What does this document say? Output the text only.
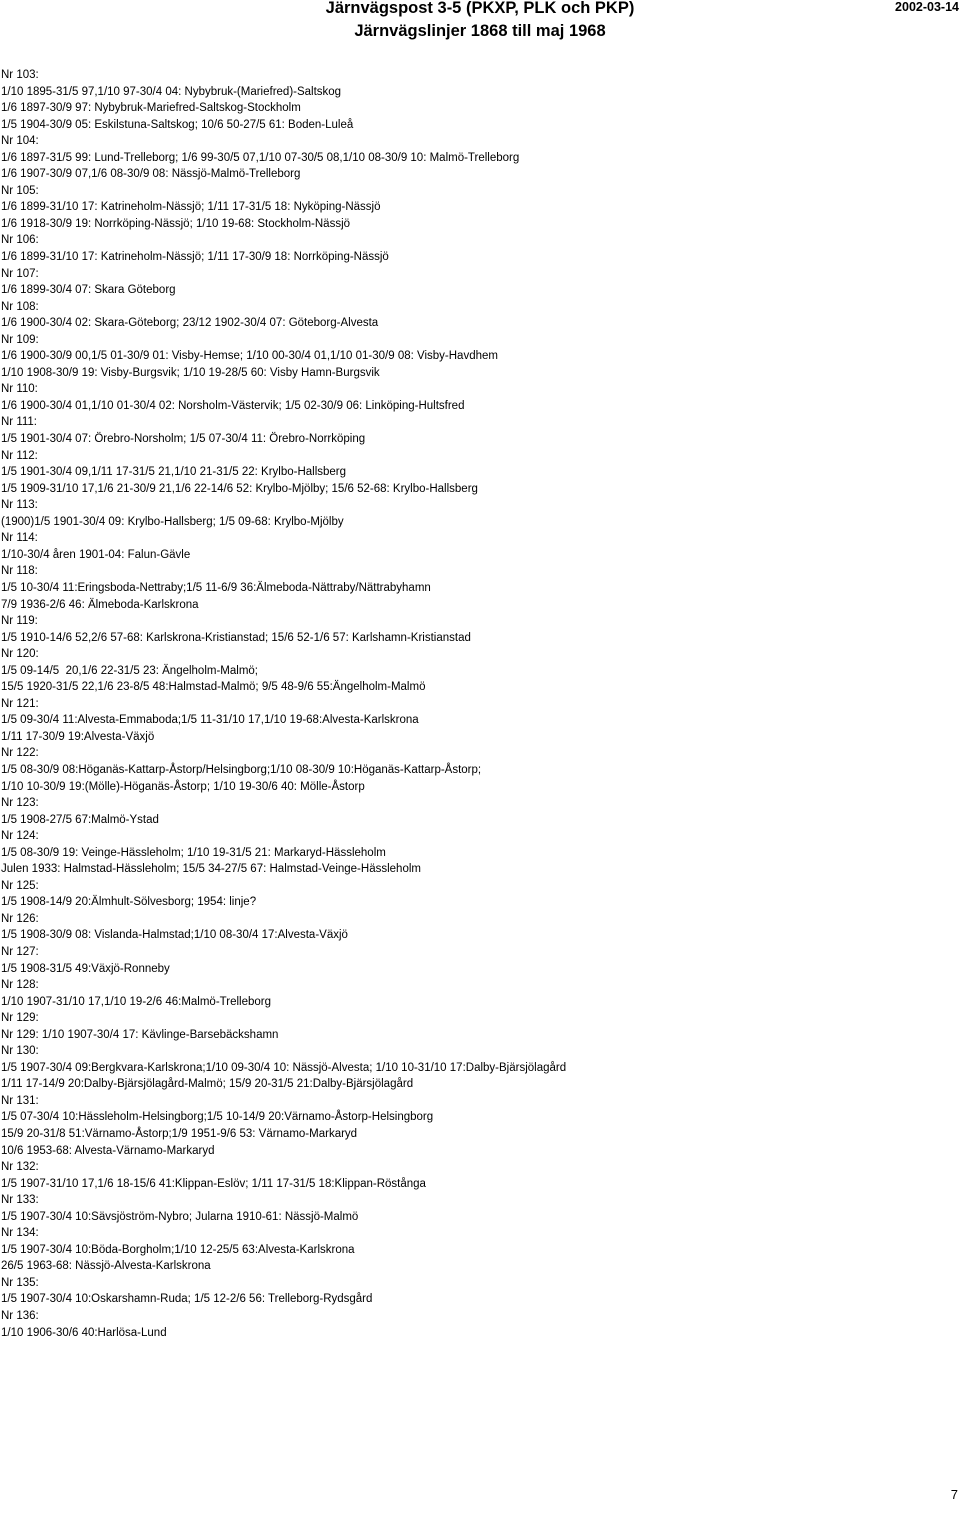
Järnvägspost 3-5 (PKXP, PLK och PKP)
Järnvägslinjer 1868 till maj 1968
2002-03-14
Nr 103:
1/10 1895-31/5 97,1/10 97-30/4 04: Nybybruk-(Mariefred)-Saltskog
1/6 1897-30/9 97: Nybybruk-Mariefred-Saltskog-Stockholm
1/5 1904-30/9 05: Eskilstuna-Saltskog; 10/6 50-27/5 61: Boden-Luleå
Nr 104:
1/6 1897-31/5 99: Lund-Trelleborg; 1/6 99-30/5 07,1/10 07-30/5 08,1/10 08-30/9 10: Malmö-Trelleborg
1/6 1907-30/9 07,1/6 08-30/9 08: Nässjö-Malmö-Trelleborg
Nr 105:
1/6 1899-31/10 17: Katrineholm-Nässjö; 1/11 17-31/5 18: Nyköping-Nässjö
1/6 1918-30/9 19: Norrköping-Nässjö; 1/10 19-68: Stockholm-Nässjö
Nr 106:
1/6 1899-31/10 17: Katrineholm-Nässjö; 1/11 17-30/9 18: Norrköping-Nässjö
Nr 107:
1/6 1899-30/4 07: Skara Göteborg
Nr 108:
1/6 1900-30/4 02: Skara-Göteborg; 23/12 1902-30/4 07: Göteborg-Alvesta
Nr 109:
1/6 1900-30/9 00,1/5 01-30/9 01: Visby-Hemse; 1/10 00-30/4 01,1/10 01-30/9 08: Visby-Havdhem
1/10 1908-30/9 19: Visby-Burgsvik; 1/10 19-28/5 60: Visby Hamn-Burgsvik
Nr 110:
1/6 1900-30/4 01,1/10 01-30/4 02: Norsholm-Västervik; 1/5 02-30/9 06: Linköping-Hultsfred
Nr 111:
1/5 1901-30/4 07: Örebro-Norsholm; 1/5 07-30/4 11: Örebro-Norrköping
Nr 112:
1/5 1901-30/4 09,1/11 17-31/5 21,1/10 21-31/5 22: Krylbo-Hallsberg
1/5 1909-31/10 17,1/6 21-30/9 21,1/6 22-14/6 52: Krylbo-Mjölby; 15/6 52-68: Krylbo-Hallsberg
Nr 113:
(1900)1/5 1901-30/4 09: Krylbo-Hallsberg; 1/5 09-68: Krylbo-Mjölby
Nr 114:
1/10-30/4 åren 1901-04: Falun-Gävle
Nr 118:
1/5 10-30/4 11:Eringsboda-Nettraby;1/5 11-6/9 36:Älmeboda-Nättraby/Nättrabyhamn
7/9 1936-2/6 46: Älmeboda-Karlskrona
Nr 119:
1/5 1910-14/6 52,2/6 57-68: Karlskrona-Kristianstad; 15/6 52-1/6 57: Karlshamn-Kristianstad
Nr 120:
1/5 09-14/5  20,1/6 22-31/5 23: Ängelholm-Malmö;
15/5 1920-31/5 22,1/6 23-8/5 48:Halmstad-Malmö; 9/5 48-9/6 55:Ängelholm-Malmö
Nr 121:
1/5 09-30/4 11:Alvesta-Emmaboda;1/5 11-31/10 17,1/10 19-68:Alvesta-Karlskrona
1/11 17-30/9 19:Alvesta-Växjö
Nr 122:
1/5 08-30/9 08:Höganäs-Kattarp-Åstorp/Helsingborg;1/10 08-30/9 10:Höganäs-Kattarp-Åstorp;
1/10 10-30/9 19:(Mölle)-Höganäs-Åstorp; 1/10 19-30/6 40: Mölle-Åstorp
Nr 123:
1/5 1908-27/5 67:Malmö-Ystad
Nr 124:
1/5 08-30/9 19: Veinge-Hässleholm; 1/10 19-31/5 21: Markaryd-Hässleholm
Julen 1933: Halmstad-Hässleholm; 15/5 34-27/5 67: Halmstad-Veinge-Hässleholm
Nr 125:
1/5 1908-14/9 20:Älmhult-Sölvesborg; 1954: linje?
Nr 126:
1/5 1908-30/9 08: Vislanda-Halmstad;1/10 08-30/4 17:Alvesta-Växjö
Nr 127:
1/5 1908-31/5 49:Växjö-Ronneby
Nr 128:
1/10 1907-31/10 17,1/10 19-2/6 46:Malmö-Trelleborg
Nr 129:
Nr 129: 1/10 1907-30/4 17: Kävlinge-Barsebäckshamn
Nr 130:
1/5 1907-30/4 09:Bergkvara-Karlskrona;1/10 09-30/4 10: Nässjö-Alvesta; 1/10 10-31/10 17:Dalby-Bjärsjölagård
1/11 17-14/9 20:Dalby-Bjärsjölagård-Malmö; 15/9 20-31/5 21:Dalby-Bjärsjölagård
Nr 131:
1/5 07-30/4 10:Hässleholm-Helsingborg;1/5 10-14/9 20:Värnamo-Åstorp-Helsingborg
15/9 20-31/8 51:Värnamo-Åstorp;1/9 1951-9/6 53: Värnamo-Markaryd
10/6 1953-68: Alvesta-Värnamo-Markaryd
Nr 132:
1/5 1907-31/10 17,1/6 18-15/6 41:Klippan-Eslöv; 1/11 17-31/5 18:Klippan-Röstånga
Nr 133:
1/5 1907-30/4 10:Sävsjöström-Nybro; Jularna 1910-61: Nässjö-Malmö
Nr 134:
1/5 1907-30/4 10:Böda-Borgholm;1/10 12-25/5 63:Alvesta-Karlskrona
26/5 1963-68: Nässjö-Alvesta-Karlskrona
Nr 135:
1/5 1907-30/4 10:Oskarshamn-Ruda; 1/5 12-2/6 56: Trelleborg-Rydsgård
Nr 136:
1/10 1906-30/6 40:Harlösa-Lund
7
